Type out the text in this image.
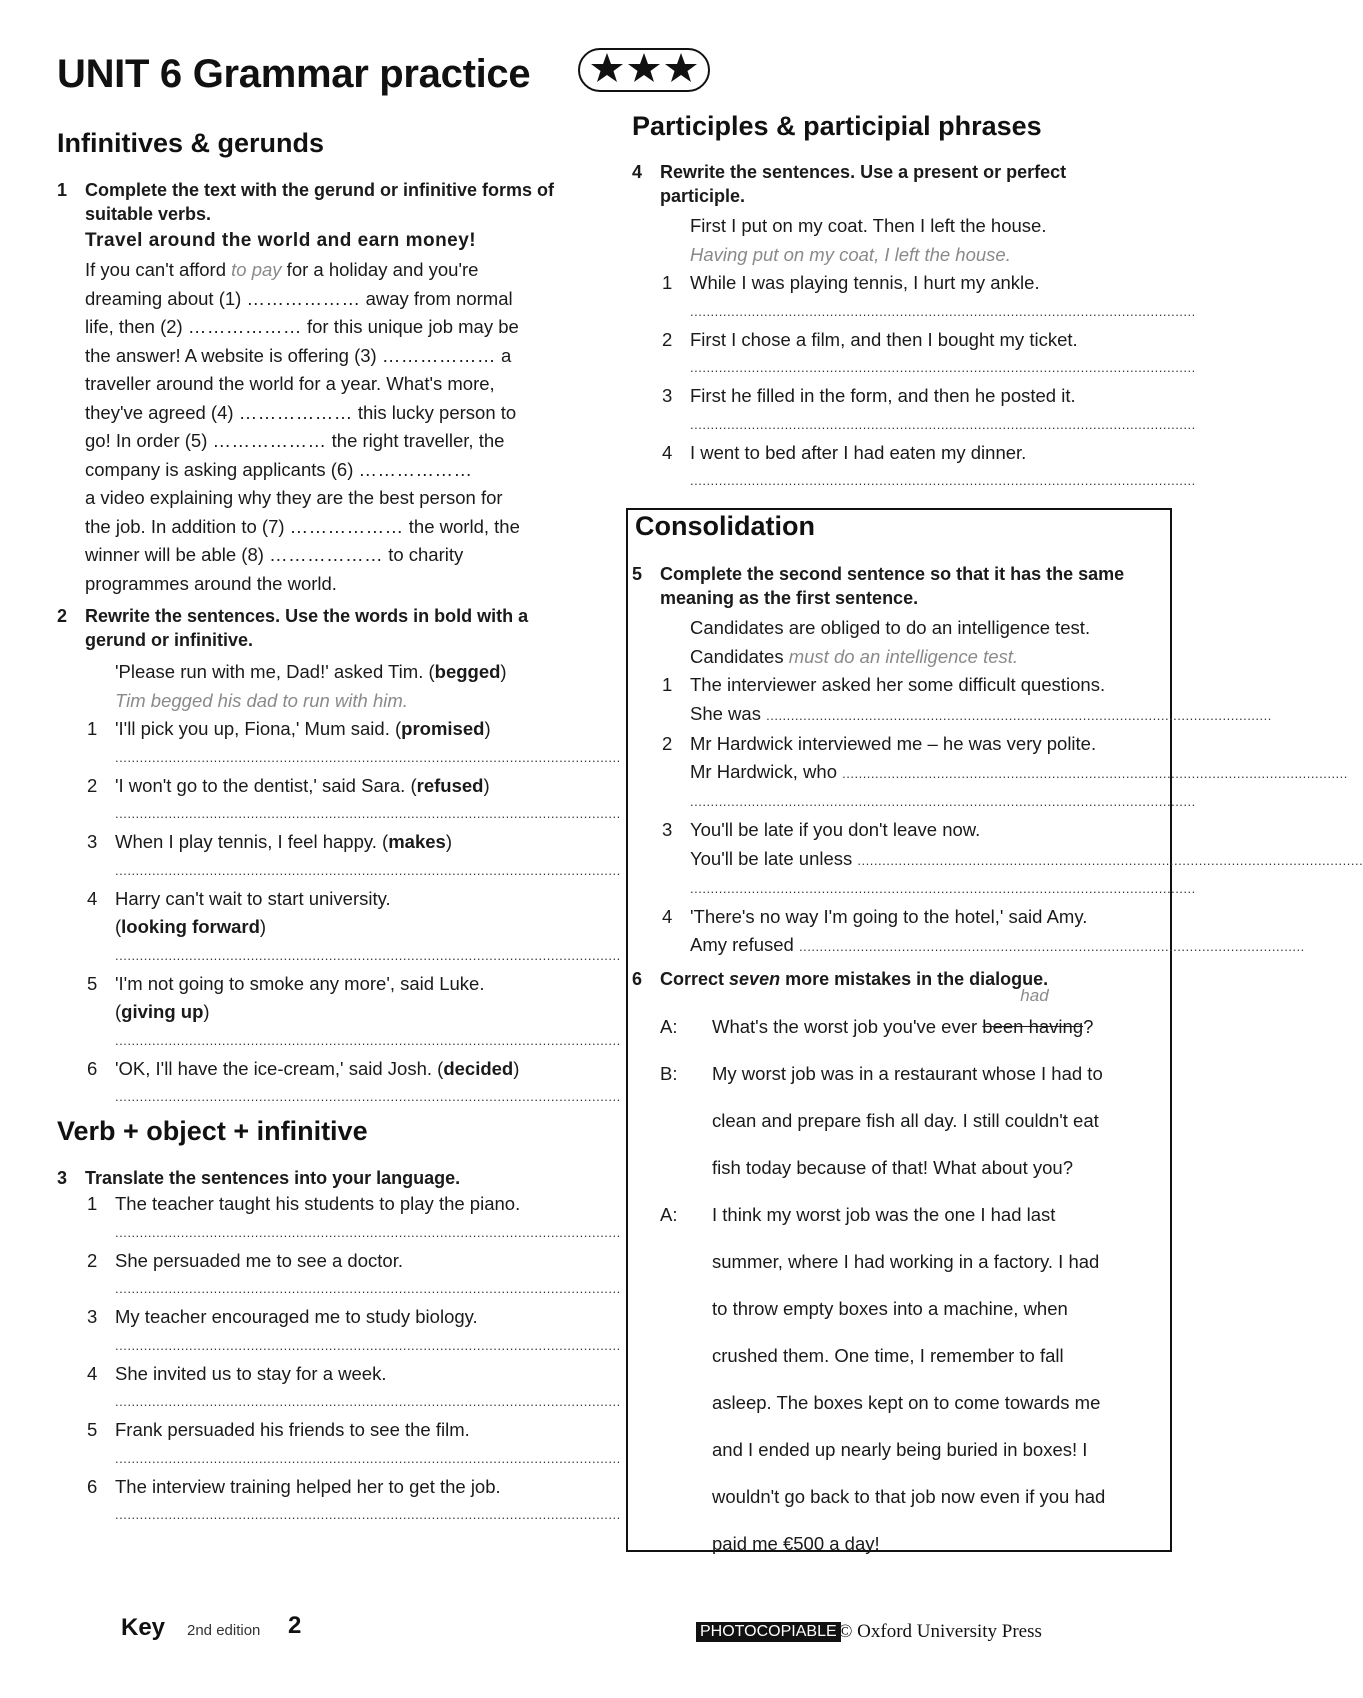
UNIT 6 Grammar practice
Infinitives & gerunds
1 Complete the text with the gerund or infinitive forms of suitable verbs.
Travel around the world and earn money!
If you can't afford to pay for a holiday and you're
dreaming about (1) ……………… away from normal
life, then (2) ……………… for this unique job may be
the answer! A website is offering (3) ……………… a
traveller around the world for a year. What's more,
they've agreed (4) ……………… this lucky person to
go! In order (5) ……………… the right traveller, the
company is asking applicants (6) ………………
a video explaining why they are the best person for
the job. In addition to (7) ……………… the world, the
winner will be able (8) ……………… to charity
programmes around the world.
2 Rewrite the sentences. Use the words in bold with a gerund or infinitive.
'Please run with me, Dad!' asked Tim. (begged)
Tim begged his dad to run with him.
1 'I'll pick you up, Fiona,' Mum said. (promised)
...........................................................................................................................
2 'I won't go to the dentist,' said Sara. (refused)
...........................................................................................................................
3 When I play tennis, I feel happy. (makes)
...........................................................................................................................
4 Harry can't wait to start university.
(looking forward)
...........................................................................................................................
5 'I'm not going to smoke any more', said Luke.
(giving up)
...........................................................................................................................
6 'OK, I'll have the ice-cream,' said Josh. (decided)
...........................................................................................................................
Verb + object + infinitive
3 Translate the sentences into your language.
1 The teacher taught his students to play the piano.
...........................................................................................................................
2 She persuaded me to see a doctor.
...........................................................................................................................
3 My teacher encouraged me to study biology.
...........................................................................................................................
4 She invited us to stay for a week.
...........................................................................................................................
5 Frank persuaded his friends to see the film.
...........................................................................................................................
6 The interview training helped her to get the job.
...........................................................................................................................
Participles & participial phrases
4 Rewrite the sentences. Use a present or perfect participle.
First I put on my coat. Then I left the house.
Having put on my coat, I left the house.
1 While I was playing tennis, I hurt my ankle.
...........................................................................................................................
2 First I chose a film, and then I bought my ticket.
...........................................................................................................................
3 First he filled in the form, and then he posted it.
...........................................................................................................................
4 I went to bed after I had eaten my dinner.
...........................................................................................................................
Consolidation
5 Complete the second sentence so that it has the same meaning as the first sentence.
Candidates are obliged to do an intelligence test.
Candidates must do an intelligence test.
1 The interviewer asked her some difficult questions.
She was ...........................................................................................................................
2 Mr Hardwick interviewed me – he was very polite.
Mr Hardwick, who ...........................................................................................................................
...........................................................................................................................
3 You'll be late if you don't leave now.
You'll be late unless ...........................................................................................................................
...........................................................................................................................
4 'There's no way I'm going to the hotel,' said Amy.
Amy refused ...........................................................................................................................
6 Correct seven more mistakes in the dialogue.
A: What's the worst job you've ever been having
had
?
B: My worst job was in a restaurant whose I had to
clean and prepare fish all day. I still couldn't eat
fish today because of that! What about you?
A: I think my worst job was the one I had last
summer, where I had working in a factory. I had
to throw empty boxes into a machine, when
crushed them. One time, I remember to fall
asleep. The boxes kept on to come towards me
and I ended up nearly being buried in boxes! I
wouldn't go back to that job now even if you had
paid me €500 a day!
Key 2nd edition 2	PHOTOCOPIABLE © Oxford University Press
